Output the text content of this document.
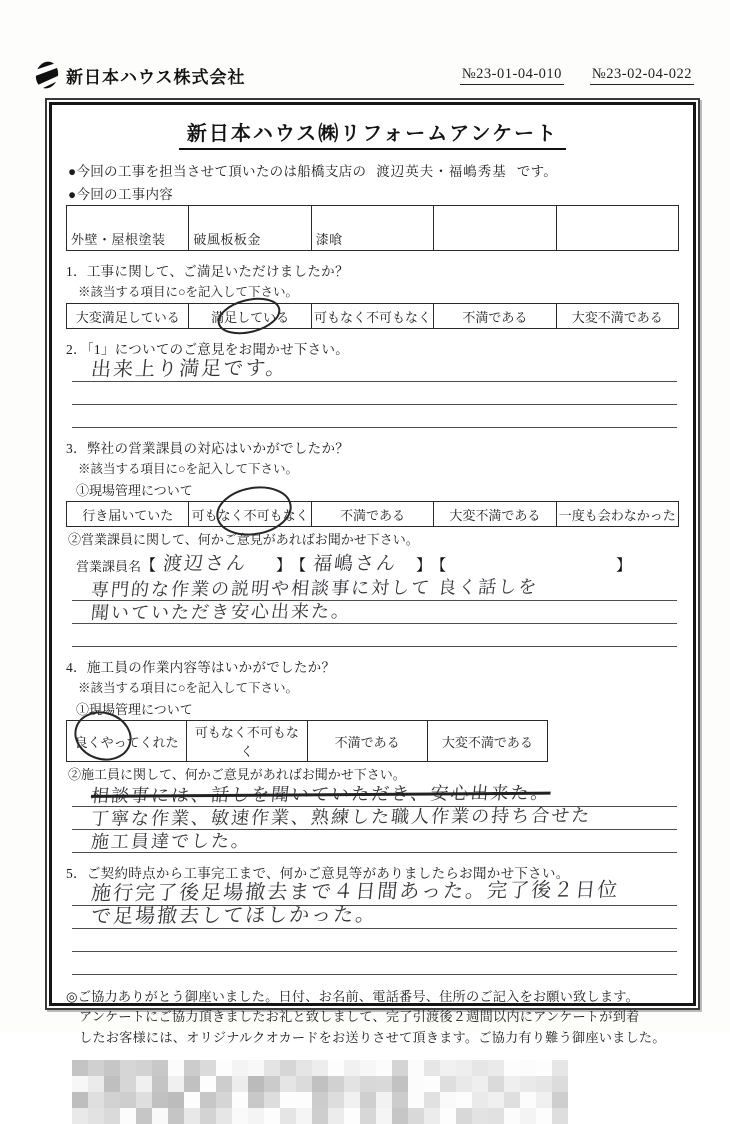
新日本ハウス株式会社	№23-01-04-010 №23-02-04-022
新日本ハウス㈱リフォームアンケート
●今回の工事を担当させて頂いたのは船橋支店の 渡辺英夫・福嶋秀基 です。
●今回の工事内容
外壁・屋根塗装	破風板板金	漆喰		
1．工事に関して、ご満足いただけましたか？
※該当する項目に○を記入して下さい。
大変満足している	満足している	可もなく不可もなく	不満である	大変不満である
2．「1」についてのご意見をお聞かせ下さい。
出来上り満足です。
3．弊社の営業課員の対応はいかがでしたか？
※該当する項目に○を記入して下さい。
①現場管理について
行き届いていた	可もなく不可もなく	不満である	大変不満である	一度も会わなかった
②営業課員に関して、何かご意見があればお聞かせ下さい。
営業課員名 【 渡辺さん	】 【 福嶋さん	】 【	】
専門的な作業の説明や相談事に対して 良く話しを
聞いていただき安心出来た。
4．施工員の作業内容等はいかがでしたか？
※該当する項目に○を記入して下さい。
①現場管理について
良くやってくれた	可もなく不可もなく	不満である	大変不満である
②施工員に関して、何かご意見があればお聞かせ下さい。
相談事には、話しを聞いていただき、安心出来た。
丁寧な作業、敏速作業、熟練した職人作業の持ち合せた
施工員達でした。
5．ご契約時点から工事完工まで、何かご意見等がありましたらお聞かせ下さい。
施行完了後足場撤去まで４日間あった。完了後２日位
で足場撤去してほしかった。
◎ご協力ありがとう御座いました。日付、お名前、電話番号、住所のご記入をお願い致します。
アンケートにご協力頂きましたお礼と致しまして、完了引渡後２週間以内にアンケートが到着
したお客様には、オリジナルクオカードをお送りさせて頂きます。ご協力有り難う御座いました。
